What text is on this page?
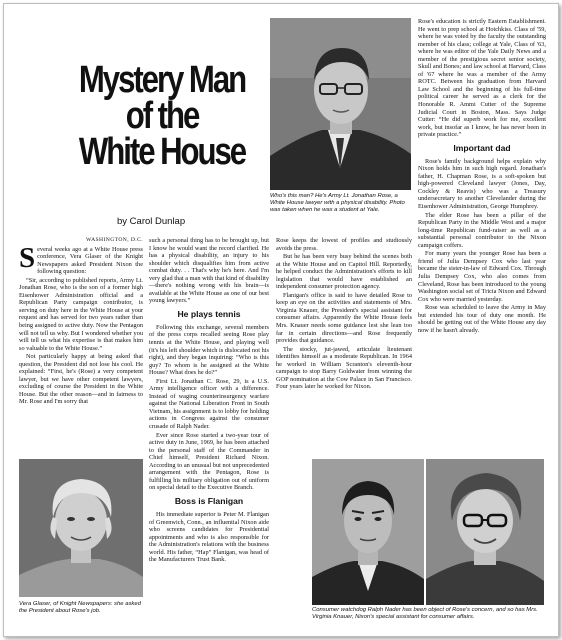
Mystery Man
of the
White House
by Carol Dunlap
Who's this man? He's Army Lt. Jonathan Rose, a White House lawyer with a physical disability. Photo was taken when he was a student at Yale.

WASHINGTON, D.C.

Several weeks ago at a White House press conference, Vera Glaser of the Knight Newspapers asked President Nixon the following question:

“Sir, according to published reports, Army Lt. Jonathan Rose, who is the son of a former high Eisenhower Administration official and a Republican Party campaign contributor, is serving on duty here in the White House at your request and has served for two years rather than being assigned to active duty. Now the Pentagon will not tell us why. But I wondered whether you will tell us what his expertise is that makes him so valuable to the White House.”

Not particularly happy at being asked that question, the President did not lose his cool. He explained: “First, he's (Rose) a very competent lawyer, but we have other competent lawyers, excluding of course the President in the White House. But the other reason—and in fairness to Mr. Rose and I'm sorry that

Vera Glaser, of Knight Newspapers: she asked the President about Rose's job.

such a personal thing has to be brought up, but I know he would want the record clarified. He has a physical disability, an injury to his shoulder which disqualifies him from active combat duty. . . That's why he's here. And I'm very glad that a man with that kind of disability—there's nothing wrong with his brain—is available at the White House as one of our best young lawyers.”

He plays tennis

Following this exchange, several members of the press corps recalled seeing Rose play tennis at the White House, and playing well (it's his left shoulder which is dislocated not his right), and they began inquiring: “Who is this guy? To whom is he assigned at the White House? What does he do?”

First Lt. Jonathan C. Rose, 29, is a U.S. Army intelligence officer with a difference. Instead of waging counterinsurgency warfare against the National Liberation Front in South Vietnam, his assignment is to lobby for holding actions in Congress against the consumer crusade of Ralph Nader.

Ever since Rose started a two-year tour of active duty in June, 1969, he has been attached to the personal staff of the Commander in Chief himself, President Richard Nixon. According to an unusual but not unprecedented arrangement with the Pentagon, Rose is fulfilling his military obligation out of uniform on special detail to the Executive Branch.

Boss is Flanigan

His immediate superior is Peter M. Flanigan of Greenwich, Conn., an influential Nixon aide who screens candidates for Presidential appointments and who is also responsible for the Administration's relations with the business world. His father, “Hap” Flanigan, was head of the Manufacturers Trust Bank.

Rose keeps the lowest of profiles and studiously avoids the press.

But he has been very busy behind the scenes both at the White House and on Capitol Hill. Reportedly, he helped conduct the Administration's efforts to kill legislation that would have established an independent consumer protection agency.

Flanigan's office is said to have detailed Rose to keep an eye on the activities and statements of Mrs. Virginia Knauer, the President's special assistant for consumer affairs. Apparently the White House feels Mrs. Knauer needs some guidance lest she lean too far in certain directions—and Rose frequently provides that guidance.

The stocky, jut-jawed, articulate lieutenant identifies himself as a moderate Republican. In 1964 he worked in William Scranton's eleventh-hour campaign to stop Barry Goldwater from winning the GOP nomination at the Cow Palace in San Francisco. Four years later he worked for Nixon.

Consumer watchdog Ralph Nader has been object of Rose's concern, and so has Mrs. Virginia Knauer, Nixon's special assistant for consumer affairs.

Rose's education is strictly Eastern Establishment. He went to prep school at Hotchkiss. Class of '59, where he was voted by the faculty the outstanding member of his class; college at Yale, Class of '63, where he was editor of the Yale Daily News and a member of the prestigious secret senior society, Skull and Bones; and law school at Harvard, Class of '67 where he was a member of the Army ROTC. Between his graduation from Harvard Law School and the beginning of his full-time political career he served as a clerk for the Honorable R. Ammi Cutter of the Supreme Judicial Court in Boston, Mass. Says Judge Cutter: “He did superb work for me, excellent work, but insofar as I know, he has never been in private practice.”

Important dad

Rose's family background helps explain why Nixon holds him in such high regard. Jonathan's father, H. Chapman Rose, is a soft-spoken but high-powered Cleveland lawyer (Jones, Day, Cockley & Reavis) who was a Treasury undersecretary to another Clevelander during the Eisenhower Administration, George Humphrey.

The elder Rose has been a pillar of the Republican Party in the Middle West and a major long-time Republican fund-raiser as well as a substantial personal contributor to the Nixon campaign coffers.

For many years the younger Rose has been a friend of Julia Dempsey Cox who last year became the sister-in-law of Edward Cox. Through Julia Dempsey Cox, who also comes from Cleveland, Rose has been introduced to the young Washington social set of Tricia Nixon and Edward Cox who were married yesterday.

Rose was scheduled to leave the Army in May but extended his tour of duty one month. He should be getting out of the White House any day now if he hasn't already.
